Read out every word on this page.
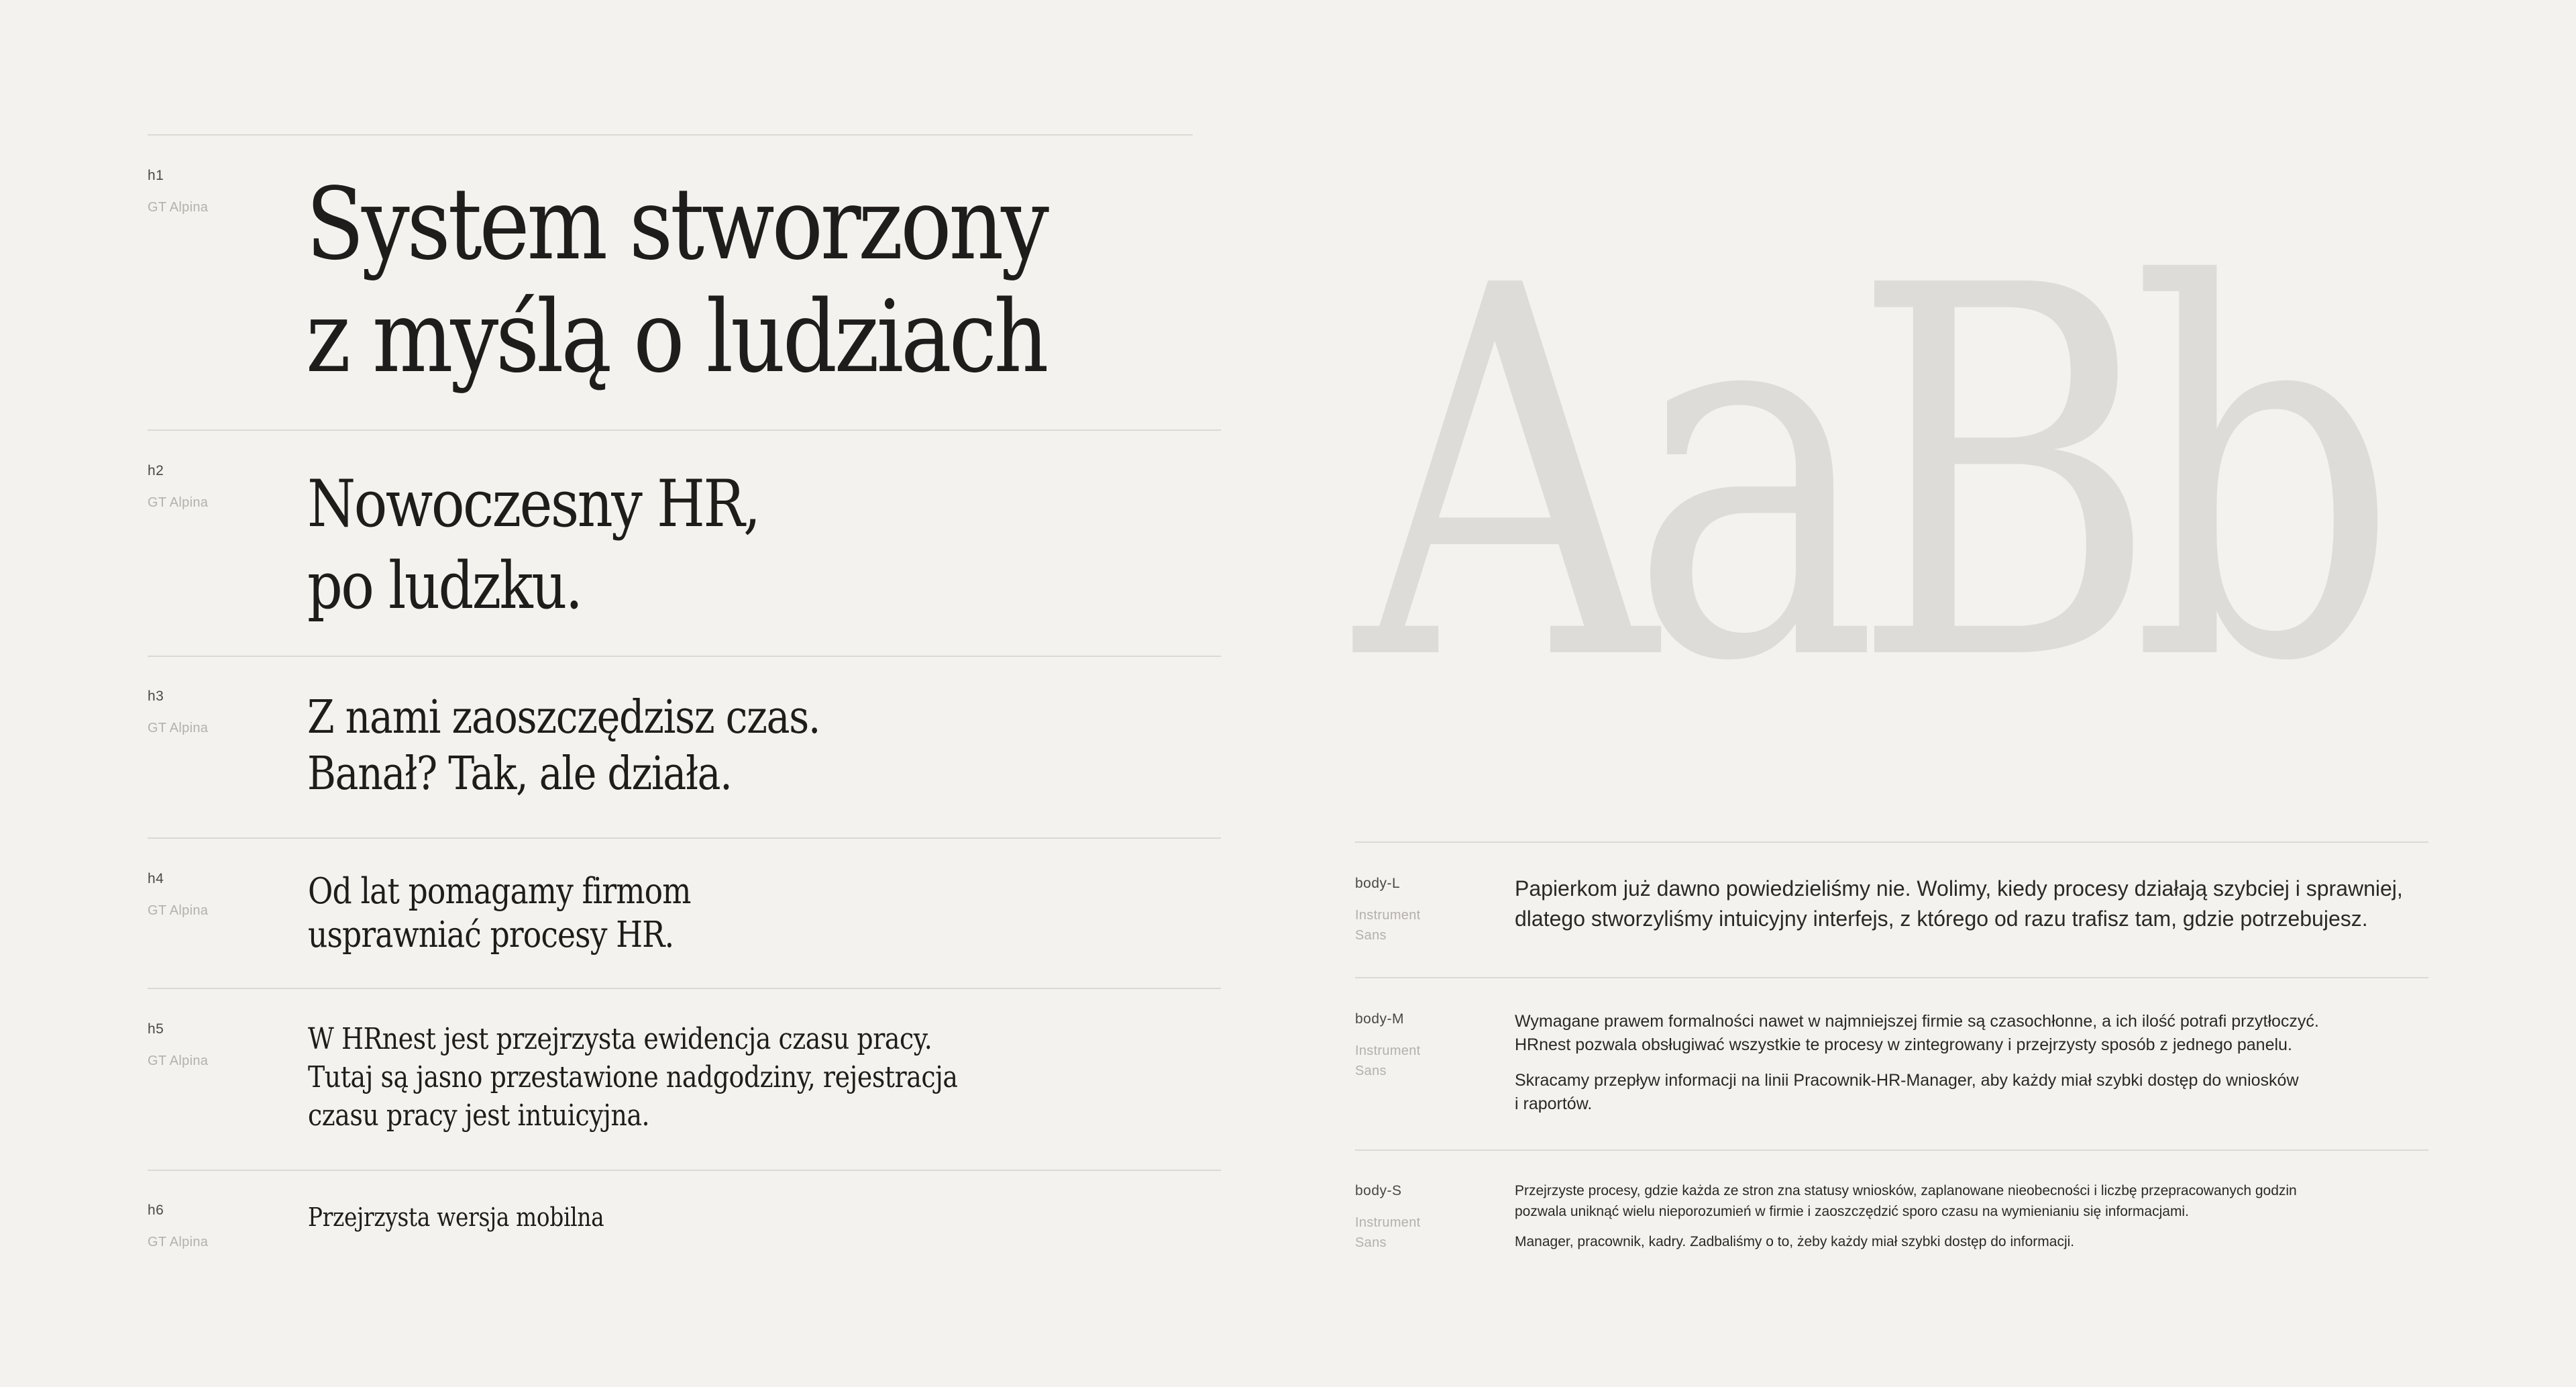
h1
GT Alpina System stworzony
z myślą o ludziach
h2
GT Alpina Nowoczesny HR,
po ludzku.
h3
GT Alpina Z nami zaoszczędzisz czas.
Banał? Tak, ale działa.
h4
GT Alpina	Od lat pomagamy firmom
usprawniać procesy HR.
h5
GT Alpina
W HRnest jest przejrzysta ewidencja czasu pracy.
Tutaj są jasno przestawione nadgodziny, rejestracja
czasu pracy jest intuicyjna.
h6
GT Alpina
Przejrzysta wersja mobilna
AaBb
body-L
Instrument
Sans

Papierkom już dawno powiedzieliśmy nie. Wolimy, kiedy procesy działają szybciej i sprawniej,
dlatego stworzyliśmy intuicyjny interfejs, z którego od razu trafisz tam, gdzie potrzebujesz.

body-M
Instrument
Sans

Wymagane prawem formalności nawet w najmniejszej firmie są czasochłonne, a ich ilość potrafi przytłoczyć.
HRnest pozwala obsługiwać wszystkie te procesy w zintegrowany i przejrzysty sposób z jednego panelu.

Skracamy przepływ informacji na linii Pracownik-HR-Manager, aby każdy miał szybki dostęp do wniosków
i raportów.

body-S
Instrument
Sans

Przejrzyste procesy, gdzie każda ze stron zna statusy wniosków, zaplanowane nieobecności i liczbę przepracowanych godzin
pozwala uniknąć wielu nieporozumień w firmie i zaoszczędzić sporo czasu na wymienianiu się informacjami.

Manager, pracownik, kadry. Zadbaliśmy o to, żeby każdy miał szybki dostęp do informacji.
